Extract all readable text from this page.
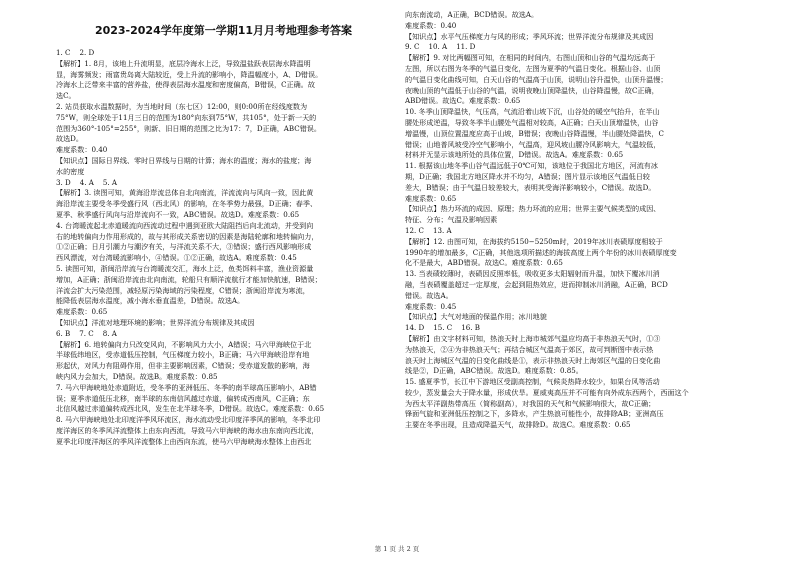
2023-2024学年度第一学期11月月考地理参考答案

1. C    2. D

【解析】1. 8月，该地上升流明显，底层冷海水上泛，导致温盐跃表层海水降温明

显，海雾频发；雨富贵岛离大陆较近，受上升流的影响小，降温幅度小，A、D错误。

冷海水上泛带来丰富的营养盐，使得表层海水温度和密度偏高，B错误，C正确。故

选C。

2. 站员获取水温数据时，为当地时间（东七区）12:00，则0:00所在经线度数为

75°W，则全球处于11月三日的范围为180°向东到75°W，共105°，处于新一天的

范围为360°-105°=255°，则新、旧日期的范围之比为17：7，D正确，ABC错误。

故选D。

难度系数：0.40

【知识点】国际日界线、零时日界线与日期的计算；海水的温度；海水的盐度；海

水的密度

3. D    4. A    5. A

【解析】3. 读图可知，黄海沿岸流总体自北向南流，洋流流向与风向一致，因此黄

海沿岸流主要受冬季受盛行风（西北风）的影响，在冬季势力最强，D正确；春季、

夏季、秋季盛行风向与沿岸流向不一致，ABC错误。故选D。难度系数：0.65

4. 台湾暖流起北赤道暖流向西流动过程中遇到亚欧大陆阻挡后向北流动，并受到向

右的地转偏向力作用形成的，故与其形成关系密切的因素是海陆轮廓和地转偏向力，

①②正确；日月引潮力与潮汐有关，与洋流关系不大，③错误；盛行西风影响形成

西风漂流，对台湾暖流影响小，④错误。①②正确，故选A。难度系数：0.45

5. 读图可知，浙闽沿岸流与台湾暖流交汇，海水上泛，鱼类饵料丰富，渔业资源量

增加，A正确；浙闽沿岸流由北向南流，轮船只有顺洋流航行才能加快航速，B错误；

洋流会扩大污染范围，减轻原污染海域的污染程度，C错误；浙闽沿岸流为寒流，

能降低表层海水温度，减小海水垂直温差，D错误。故选A。

难度系数：0.65

【知识点】洋流对地理环境的影响；世界洋流分布规律及其成因

6. B    7. C    8. A

【解析】6. 地转偏向力只改变风向，不影响风力大小，A错误；马六甲海峡位于北

半球低纬地区，受赤道低压控制，气压梯度力较小，B正确；马六甲海峡沿岸有地

形起伏，对风力有阻碍作用，但非主要影响因素，C错误；受赤道发散的影响，海

峡内风力会加大，D错误。故选B。难度系数：0.85

7. 马六甲海峡地处赤道附近，受冬季的亚洲低压、冬季的南半球高压影响小，AB错

误；夏季赤道低压北移，南半球的东南信风越过赤道，偏转成西南风，C正确；东

北信风越过赤道偏转成西北风，发生在北半球冬季，D错误。故选C。难度系数：0.65

8. 马六甲海峡地处北印度洋季风环流区，海水流动受北印度洋季风的影响，冬季北印

度洋海区的冬季风洋流整体上由东向西流，导致马六甲海峡的海水由东南向西北流，

夏季北印度洋海区的季风洋流整体上由西向东流，使马六甲海峡海水整体上由西北

向东南流动，A正确，BCD错误。故选A。

难度系数：0.40

【知识点】水平气压梯度力与风的形成；季风环流；世界洋流分布规律及其成因

9. C    10. A    11. D

【解析】9. 对比两幅图可知，在相同的时间内，右图山顶和山谷的气温均远高于

左图，所以右图为冬季的气温日变化，左图为夏季的气温日变化。根据山谷、山顶

的气温日变化曲线可知，白天山谷的气温高于山顶，说明山谷升温快，山顶升温慢；

夜晚山顶的气温低于山谷的气温，说明夜晚山顶降温快，山谷降温慢，故C正确，

ABD错误。故选C。难度系数：0.65

10. 冬季山顶降温快，气压高，气流沿着山坡下沉，山谷处的暖空气抬升，在半山

腰处形成逆温，导致冬季半山腰处气温相对较高，A正确；白天山顶增温快，山谷

增温慢，山顶位置温度应高于山坡，B错误；夜晚山谷降温慢，半山腰处降温快，C

错误；山地普风坡受冷空气影响小，气温高，迎风坡山腰冷风影响大，气温较低，

材料并无显示该地所处的具体位置，D错误。故选A。难度系数：0.65

11. 根据该山地冬季山谷气温远低于0℃可知，该地位于我国北方地区，河流有冰

期，D正确；我国北方地区降水并不均匀，A错误；图片显示该地区气温低日较

差大，B错误；由于气温日较差较大，表明其受海洋影响较小，C错误。故选D。

难度系数：0.65

【知识点】热力环流的成因、原理；热力环流的应用；世界主要气候类型的成因、

特征、分布；气温及影响因素

12. C    13. A

【解析】12. 由图可知，在海拔约5150−5250m时，2019年冰川表碛厚度相较于

1990年的增加最多，C正确，其他选项所描述的海拔高度上两个年份的冰川表碛厚度变

化不是最大，ABD错误。故选C。难度系数：0.65

13. 当表碛较薄时，表碛因反照率低，吸收更多太阳辐射而升温，加快下覆冰川消

融，当表碛覆盖超过一定厚度，会起到阻热效应，进而抑制冰川消融，A正确，BCD

错误。故选A。

难度系数：0.45

【知识点】大气对地面的保温作用；冰川地貌

14. D    15. C    16. B

【解析】由文字材料可知，热浪天时上海市城郊气温应均高于非热浪天气时，①③

为热浪天，②④为非热浪天气；再结合城区气温高于郊区，故可判断图中表示热

浪天时上海城区气温的日变化曲线是①，表示非热浪天时上海郊区气温的日变化曲

线是②，D正确，ABC错误。故选D。难度系数：0.85。

15. 盛夏季节，长江中下游地区受副高控制，气候炎热降水较少，如果台风等活动

较少，蒸发量会大于降水量，形成伏旱。夏威夷高压并不可能有向外成东西两个，西面这个

为西太平洋副热带高压（简称副高），对我国的天气和气候影响很大，故C正确；

锋面气旋和亚洲低压控制之下，多降水，产生热浪可能性小，故排除AB；亚洲高压

主要在冬季出现，且造成降温天气，故排除D。故选C。难度系数：0.65

第 1 页 共 2 页
